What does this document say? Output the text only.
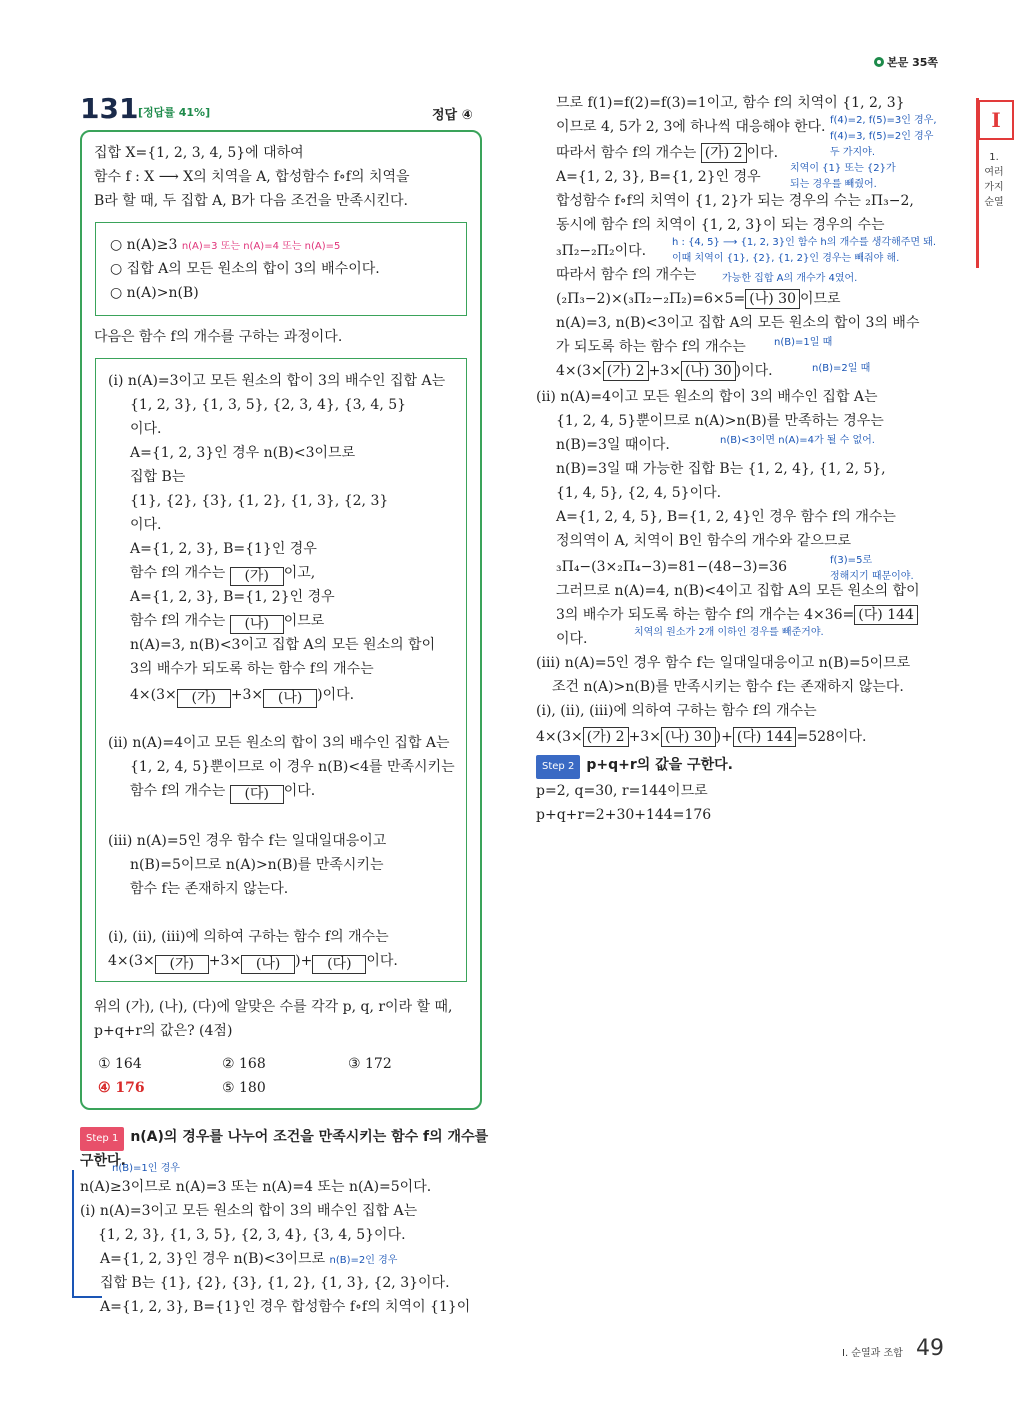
본문 35쪽
Ⅰ
1. 여러 가지 순열
131 [정답률 41%]	정답 ④
집합 X={1, 2, 3, 4, 5}에 대하여
함수 f : X ⟶ X의 치역을 A, 합성함수 f∘f의 치역을
B라 할 때, 두 집합 A, B가 다음 조건을 만족시킨다.
○ n(A)≥3 n(A)=3 또는 n(A)=4 또는 n(A)=5
○ 집합 A의 모든 원소의 합이 3의 배수이다.
○ n(A)>n(B)
다음은 함수 f의 개수를 구하는 과정이다.
(ⅰ) n(A)=3이고 모든 원소의 합이 3의 배수인 집합 A는
{1, 2, 3}, {1, 3, 5}, {2, 3, 4}, {3, 4, 5}
이다.
A={1, 2, 3}인 경우 n(B)<3이므로
집합 B는
{1}, {2}, {3}, {1, 2}, {1, 3}, {2, 3}
이다.
A={1, 2, 3}, B={1}인 경우
함수 f의 개수는 (가) 이고,
A={1, 2, 3}, B={1, 2}인 경우
함수 f의 개수는 (나) 이므로
n(A)=3, n(B)<3이고 집합 A의 모든 원소의 합이
3의 배수가 되도록 하는 함수 f의 개수는
4×(3× (가) +3× (나) )이다.
(ⅱ) n(A)=4이고 모든 원소의 합이 3의 배수인 집합 A는
{1, 2, 4, 5}뿐이므로 이 경우 n(B)<4를 만족시키는
함수 f의 개수는 (다) 이다.
(ⅲ) n(A)=5인 경우 함수 f는 일대일대응이고
n(B)=5이므로 n(A)>n(B)를 만족시키는
함수 f는 존재하지 않는다.
(ⅰ), (ⅱ), (ⅲ)에 의하여 구하는 함수 f의 개수는
4×(3× (가) +3× (나) )+ (다) 이다.
위의 (가), (나), (다)에 알맞은 수를 각각 p, q, r이라 할 때,
p+q+r의 값은? (4점)
① 164	② 168	③ 172
④ 176	⑤ 180
Step 1 n(A)의 경우를 나누어 조건을 만족시키는 함수 f의 개수를
구한다.
n(B)=1인 경우
n(A)≥3이므로 n(A)=3 또는 n(A)=4 또는 n(A)=5이다.
(ⅰ) n(A)=3이고 모든 원소의 합이 3의 배수인 집합 A는
{1, 2, 3}, {1, 3, 5}, {2, 3, 4}, {3, 4, 5}이다.
A={1, 2, 3}인 경우 n(B)<3이므로 n(B)=2인 경우
집합 B는 {1}, {2}, {3}, {1, 2}, {1, 3}, {2, 3}이다.
A={1, 2, 3}, B={1}인 경우 합성함수 f∘f의 치역이 {1}이
므로 f(1)=f(2)=f(3)=1이고, 함수 f의 치역이 {1, 2, 3}
이므로 4, 5가 2, 3에 하나씩 대응해야 한다. f(4)=2, f(5)=3인 경우,
f(4)=3, f(5)=2인 경우
두 가지야.
따라서 함수 f의 개수는 (가) 2 이다.
치역이 {1} 또는 {2}가
되는 경우를 빼줬어.
A={1, 2, 3}, B={1, 2}인 경우
합성함수 f∘f의 치역이 {1, 2}가 되는 경우의 수는 ₂Π₃−2,
동시에 함수 f의 치역이 {1, 2, 3}이 되는 경우의 수는
₃Π₂−₂Π₂이다.
h : {4, 5} ⟶ {1, 2, 3}인 함수 h의 개수를 생각해주면 돼.
이때 치역이 {1}, {2}, {1, 2}인 경우는 빼줘야 해.
따라서 함수 f의 개수는	가능한 집합 A의 개수가 4였어.
(₂Π₃−2)×(₃Π₂−₂Π₂)=6×5= (나) 30 이므로
n(A)=3, n(B)<3이고 집합 A의 모든 원소의 합이 3의 배수
가 되도록 하는 함수 f의 개수는	n(B)=1일 때
4×(3× (가) 2 +3× (나) 30 )이다.	n(B)=2일 때
(ⅱ) n(A)=4이고 모든 원소의 합이 3의 배수인 집합 A는
{1, 2, 4, 5}뿐이므로 n(A)>n(B)를 만족하는 경우는
n(B)=3일 때이다.	n(B)<3이면 n(A)=4가 될 수 없어.
n(B)=3일 때 가능한 집합 B는 {1, 2, 4}, {1, 2, 5},
{1, 4, 5}, {2, 4, 5}이다.
A={1, 2, 4, 5}, B={1, 2, 4}인 경우 함수 f의 개수는
정의역이 A, 치역이 B인 함수의 개수와 같으므로
f(3)=5로
정해지기 때문이야.
₃Π₄−(3×₂Π₄−3)=81−(48−3)=36
그러므로 n(A)=4, n(B)<4이고 집합 A의 모든 원소의 합이
3의 배수가 되도록 하는 함수 f의 개수는 4×36= (다) 144
이다.	치역의 원소가 2개 이하인 경우를 빼준거야.
(ⅲ) n(A)=5인 경우 함수 f는 일대일대응이고 n(B)=5이므로
조건 n(A)>n(B)를 만족시키는 함수 f는 존재하지 않는다.
(ⅰ), (ⅱ), (ⅲ)에 의하여 구하는 함수 f의 개수는
4×(3× (가) 2 +3× (나) 30 )+ (다) 144 =528이다.
Step 2 p+q+r의 값을 구한다.
p=2, q=30, r=144이므로
p+q+r=2+30+144=176
Ⅰ. 순열과 조합 49
